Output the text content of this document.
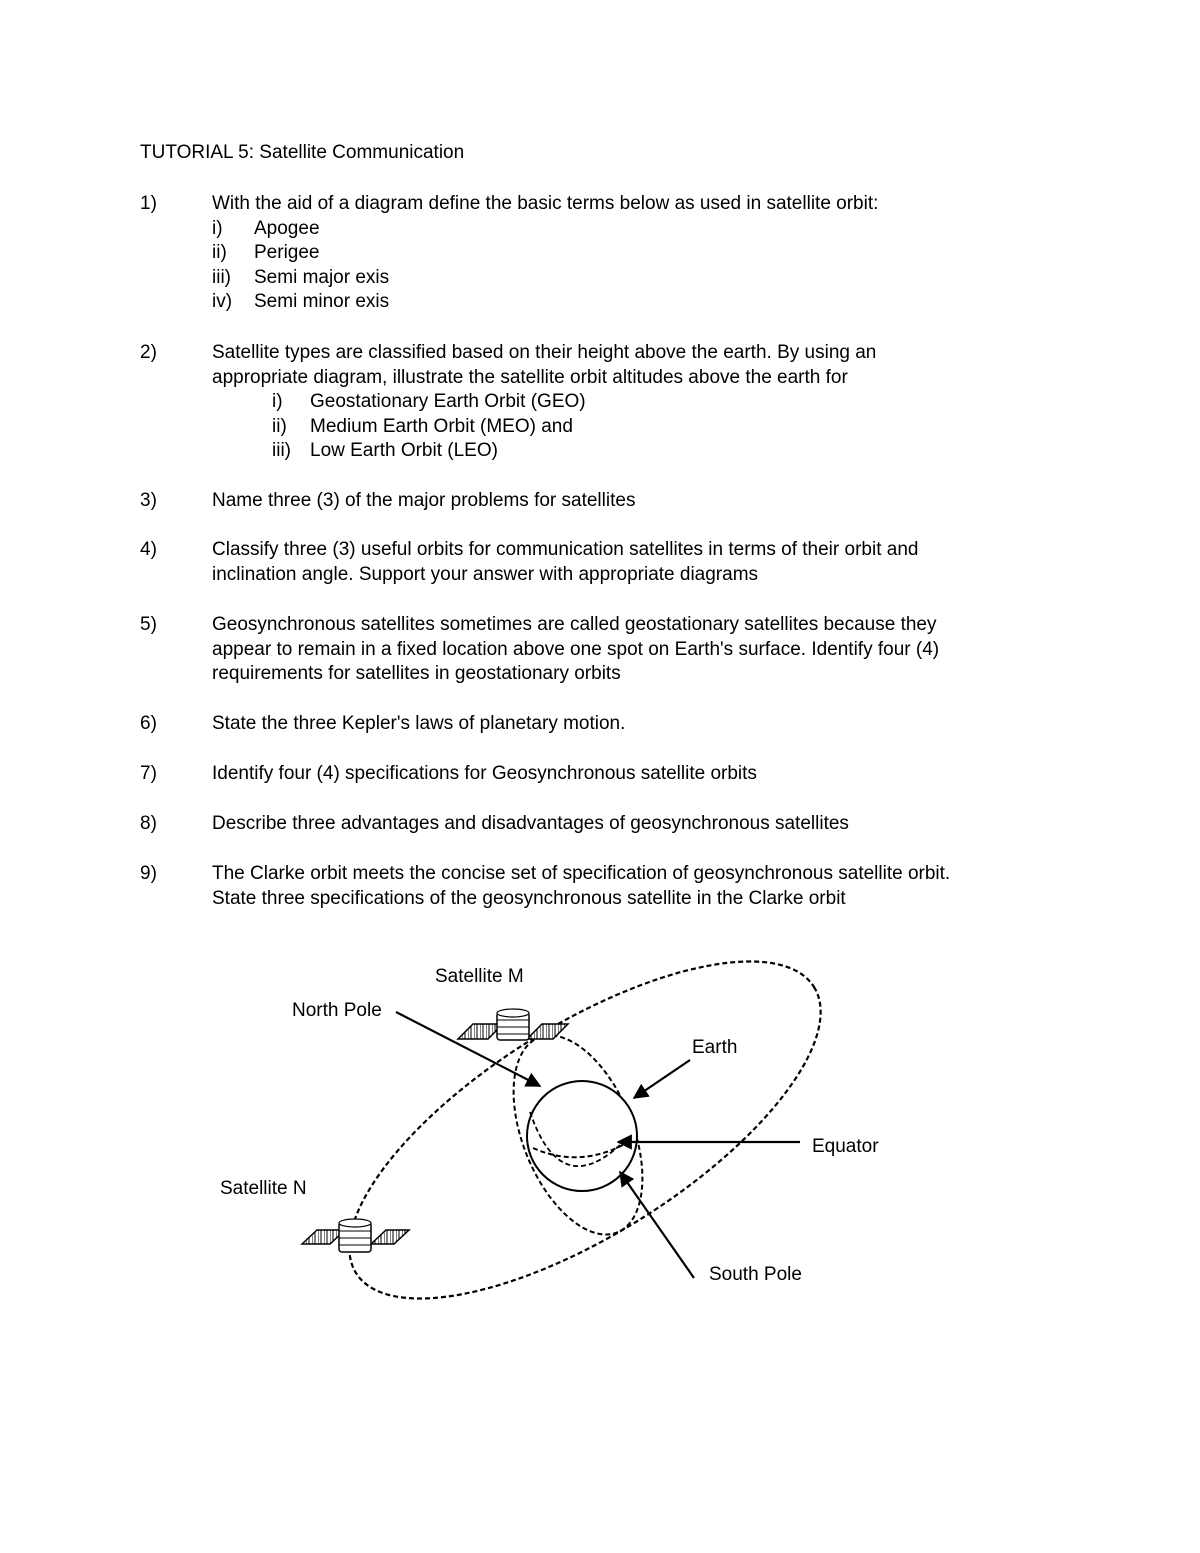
TUTORIAL 5: Satellite Communication
1)	With the aid of a diagram define the basic terms below as used in satellite orbit:
i) Apogee
ii) Perigee
iii) Semi major exis
iv) Semi minor exis
2)	Satellite types are classified based on their height above the earth. By using an
appropriate diagram, illustrate the satellite orbit altitudes above the earth for
i) Geostationary Earth Orbit (GEO)
ii) Medium Earth Orbit (MEO) and
iii) Low Earth Orbit (LEO)
3)	Name three (3) of the major problems for satellites
4)	Classify three (3) useful orbits for communication satellites in terms of their orbit and
inclination angle. Support your answer with appropriate diagrams
5)	Geosynchronous satellites sometimes are called geostationary satellites because they
appear to remain in a fixed location above one spot on Earth's surface. Identify four (4)
requirements for satellites in geostationary orbits
6)	State the three Kepler's laws of planetary motion.
7)	Identify four (4) specifications for Geosynchronous satellite orbits
8)	Describe three advantages and disadvantages of geosynchronous satellites
9)	The Clarke orbit meets the concise set of specification of geosynchronous satellite orbit.
State three specifications of the geosynchronous satellite in the Clarke orbit
Satellite M
North Pole
Earth
Equator
Satellite N
South Pole
